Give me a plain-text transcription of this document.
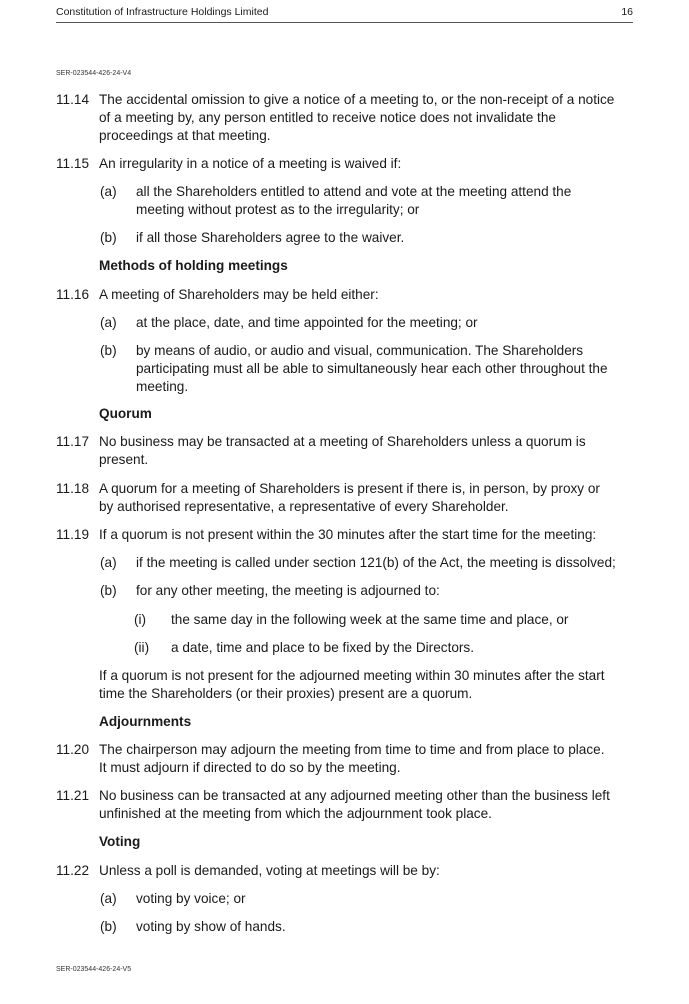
Constitution of Infrastructure Holdings Limited	16
SER-023544-426-24-V4
11.14 The accidental omission to give a notice of a meeting to, or the non-receipt of a notice
of a meeting by, any person entitled to receive notice does not invalidate the
proceedings at that meeting.
11.15 An irregularity in a notice of a meeting is waived if:
(a) all the Shareholders entitled to attend and vote at the meeting attend the
meeting without protest as to the irregularity; or
(b) if all those Shareholders agree to the waiver.
Methods of holding meetings
11.16 A meeting of Shareholders may be held either:
(a) at the place, date, and time appointed for the meeting; or
(b) by means of audio, or audio and visual, communication. The Shareholders
participating must all be able to simultaneously hear each other throughout the
meeting.
Quorum
11.17 No business may be transacted at a meeting of Shareholders unless a quorum is
present.
11.18 A quorum for a meeting of Shareholders is present if there is, in person, by proxy or
by authorised representative, a representative of every Shareholder.
11.19 If a quorum is not present within the 30 minutes after the start time for the meeting:
(a) if the meeting is called under section 121(b) of the Act, the meeting is dissolved;
(b) for any other meeting, the meeting is adjourned to:
(i) the same day in the following week at the same time and place, or
(ii) a date, time and place to be fixed by the Directors.
If a quorum is not present for the adjourned meeting within 30 minutes after the start
time the Shareholders (or their proxies) present are a quorum.
Adjournments
11.20 The chairperson may adjourn the meeting from time to time and from place to place.
It must adjourn if directed to do so by the meeting.
11.21 No business can be transacted at any adjourned meeting other than the business left
unfinished at the meeting from which the adjournment took place.
Voting
11.22 Unless a poll is demanded, voting at meetings will be by:
(a) voting by voice; or
(b) voting by show of hands.
SER-023544-426-24-V5
